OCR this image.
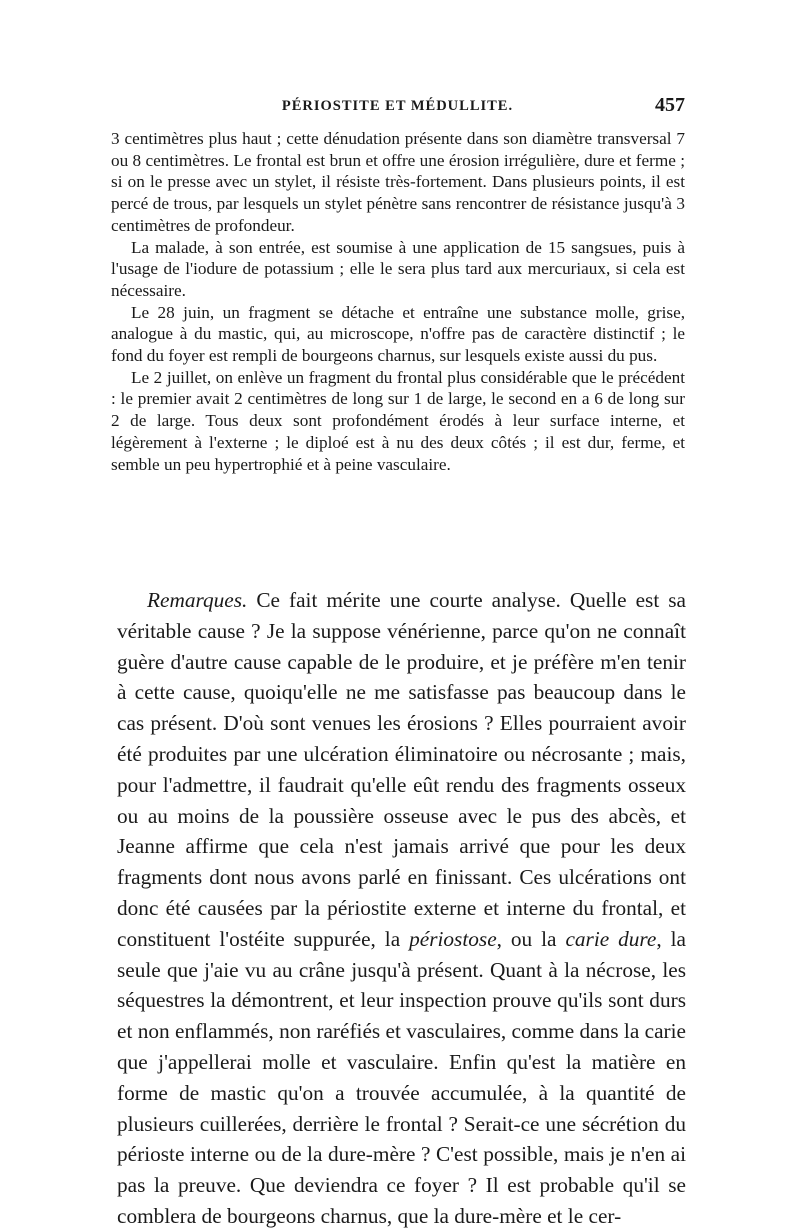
PÉRIOSTITE ET MÉDULLITE.	457

3 centimètres plus haut ; cette dénudation présente dans son diamètre transversal 7 ou 8 centimètres. Le frontal est brun et offre une érosion irrégulière, dure et ferme ; si on le presse avec un stylet, il résiste très-fortement. Dans plusieurs points, il est percé de trous, par lesquels un stylet pénètre sans rencontrer de résistance jusqu'à 3 centimètres de profondeur.

La malade, à son entrée, est soumise à une application de 15 sangsues, puis à l'usage de l'iodure de potassium ; elle le sera plus tard aux mercuriaux, si cela est nécessaire.

Le 28 juin, un fragment se détache et entraîne une substance molle, grise, analogue à du mastic, qui, au microscope, n'offre pas de caractère distinctif ; le fond du foyer est rempli de bourgeons charnus, sur lesquels existe aussi du pus.

Le 2 juillet, on enlève un fragment du frontal plus considérable que le précédent : le premier avait 2 centimètres de long sur 1 de large, le second en a 6 de long sur 2 de large. Tous deux sont profondément érodés à leur surface interne, et légèrement à l'externe ; le diploé est à nu des deux côtés ; il est dur, ferme, et semble un peu hypertrophié et à peine vasculaire.

Remarques. Ce fait mérite une courte analyse. Quelle est sa véritable cause ? Je la suppose vénérienne, parce qu'on ne connaît guère d'autre cause capable de le produire, et je préfère m'en tenir à cette cause, quoiqu'elle ne me satisfasse pas beaucoup dans le cas présent. D'où sont venues les érosions ? Elles pourraient avoir été produites par une ulcération éliminatoire ou nécrosante ; mais, pour l'admettre, il faudrait qu'elle eût rendu des fragments osseux ou au moins de la poussière osseuse avec le pus des abcès, et Jeanne affirme que cela n'est jamais arrivé que pour les deux fragments dont nous avons parlé en finissant. Ces ulcérations ont donc été causées par la périostite externe et interne du frontal, et constituent l'ostéite suppurée, la périostose, ou la carie dure, la seule que j'aie vu au crâne jusqu'à présent. Quant à la nécrose, les séquestres la démontrent, et leur inspection prouve qu'ils sont durs et non enflammés, non raréfiés et vasculaires, comme dans la carie que j'appellerai molle et vasculaire. Enfin qu'est la matière en forme de mastic qu'on a trouvée accumulée, à la quantité de plusieurs cuillerées, derrière le frontal ? Serait-ce une sécrétion du périoste interne ou de la dure-mère ? C'est possible, mais je n'en ai pas la preuve. Que deviendra ce foyer ? Il est probable qu'il se comblera de bourgeons charnus, que la dure-mère et le cer-
